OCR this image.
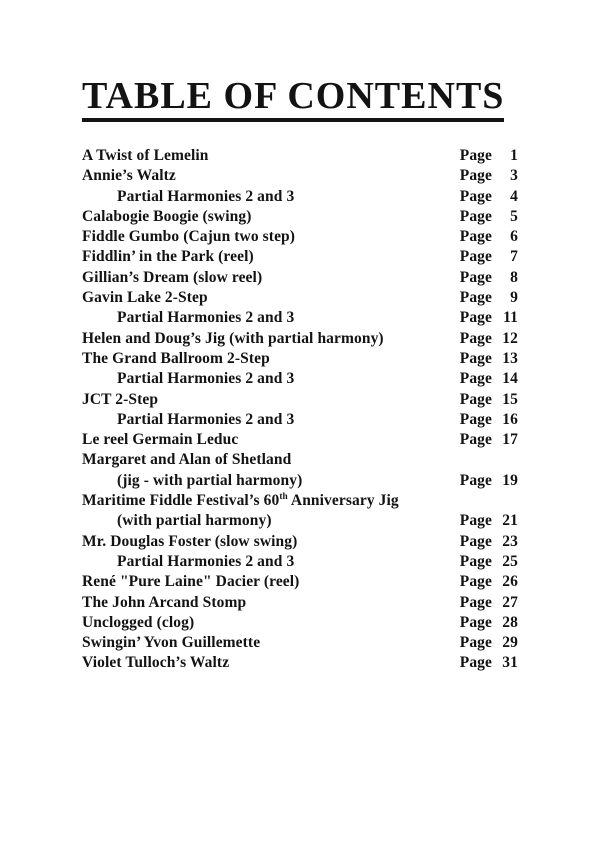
TABLE OF CONTENTS
A Twist of Lemelin	Page 1
Annie’s Waltz	Page 3
Partial Harmonies 2 and 3	Page 4
Calabogie Boogie (swing)	Page 5
Fiddle Gumbo (Cajun two step)	Page 6
Fiddlin’ in the Park (reel)	Page 7
Gillian’s Dream (slow reel)	Page 8
Gavin Lake 2-Step	Page 9
Partial Harmonies 2 and 3	Page 11
Helen and Doug’s Jig (with partial harmony)	Page 12
The Grand Ballroom 2-Step	Page 13
Partial Harmonies 2 and 3	Page 14
JCT 2-Step	Page 15
Partial Harmonies 2 and 3	Page 16
Le reel Germain Leduc	Page 17
Margaret and Alan of Shetland
(jig - with partial harmony)	Page 19
Maritime Fiddle Festival’s 60th Anniversary Jig
(with partial harmony)	Page 21
Mr. Douglas Foster (slow swing)	Page 23
Partial Harmonies 2 and 3	Page 25
René "Pure Laine" Dacier (reel)	Page 26
The John Arcand Stomp	Page 27
Unclogged (clog)	Page 28
Swingin’ Yvon Guillemette	Page 29
Violet Tulloch’s Waltz	Page 31
